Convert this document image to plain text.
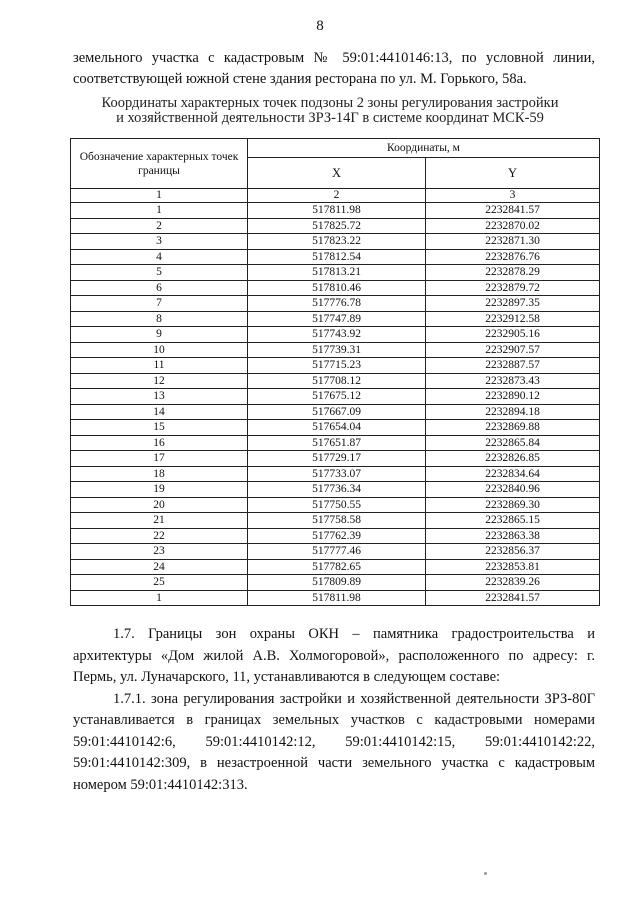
8
земельного участка с кадастровым № 59:01:4410146:13, по условной линии,
соответствующей южной стене здания ресторана по ул. М. Горького, 58а.
Координаты характерных точек подзоны 2 зоны регулирования застройки
и хозяйственной деятельности ЗРЗ-14Г в системе координат МСК-59
Обозначение характерных точек границы	Координаты, м	
	X	Y
1	2	3
1	517811.98	2232841.57
2	517825.72	2232870.02
3	517823.22	2232871.30
4	517812.54	2232876.76
5	517813.21	2232878.29
6	517810.46	2232879.72
7	517776.78	2232897.35
8	517747.89	2232912.58
9	517743.92	2232905.16
10	517739.31	2232907.57
11	517715.23	2232887.57
12	517708.12	2232873.43
13	517675.12	2232890.12
14	517667.09	2232894.18
15	517654.04	2232869.88
16	517651.87	2232865.84
17	517729.17	2232826.85
18	517733.07	2232834.64
19	517736.34	2232840.96
20	517750.55	2232869.30
21	517758.58	2232865.15
22	517762.39	2232863.38
23	517777.46	2232856.37
24	517782.65	2232853.81
25	517809.89	2232839.26
1	517811.98	2232841.57

1.7. Границы зон охраны ОКН – памятника градостроительства и архитектуры «Дом жилой А.В. Холмогоровой», расположенного по адресу: г. Пермь, ул. Луначарского, 11, устанавливаются в следующем составе:

1.7.1. зона регулирования застройки и хозяйственной деятельности ЗРЗ-80Г устанавливается в границах земельных участков с кадастровыми номерами 59:01:4410142:6, 59:01:4410142:12, 59:01:4410142:15, 59:01:4410142:22, 59:01:4410142:309, в незастроенной части земельного участка с кадастровым номером 59:01:4410142:313.
